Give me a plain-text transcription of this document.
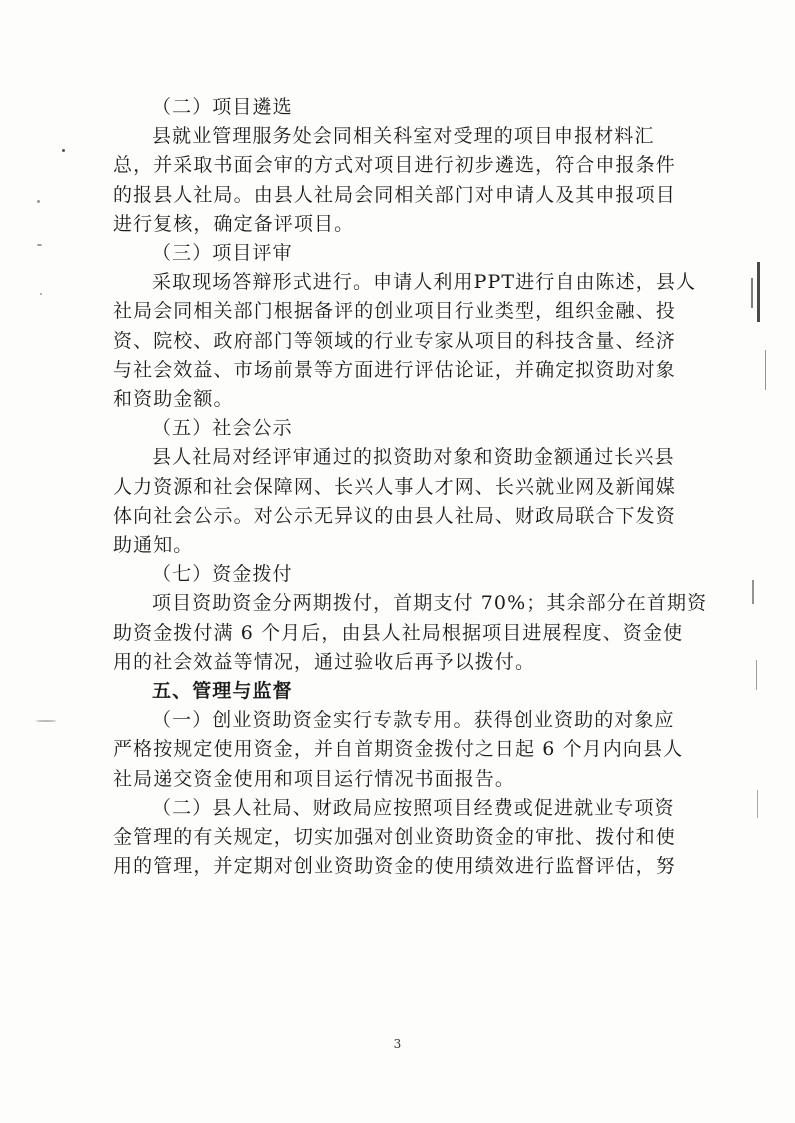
（二）项目遴选
县就业管理服务处会同相关科室对受理的项目申报材料汇
总，并采取书面会审的方式对项目进行初步遴选，符合申报条件
的报县人社局。由县人社局会同相关部门对申请人及其申报项目
进行复核，确定备评项目。
（三）项目评审
采取现场答辩形式进行。申请人利用PPT进行自由陈述，县人
社局会同相关部门根据备评的创业项目行业类型，组织金融、投
资、院校、政府部门等领域的行业专家从项目的科技含量、经济
与社会效益、市场前景等方面进行评估论证，并确定拟资助对象
和资助金额。
（五）社会公示
县人社局对经评审通过的拟资助对象和资助金额通过长兴县
人力资源和社会保障网、长兴人事人才网、长兴就业网及新闻媒
体向社会公示。对公示无异议的由县人社局、财政局联合下发资
助通知。
（七）资金拨付
项目资助资金分两期拨付，首期支付 70%；其余部分在首期资
助资金拨付满 6 个月后，由县人社局根据项目进展程度、资金使
用的社会效益等情况，通过验收后再予以拨付。
五、管理与监督
（一）创业资助资金实行专款专用。获得创业资助的对象应
严格按规定使用资金，并自首期资金拨付之日起 6 个月内向县人
社局递交资金使用和项目运行情况书面报告。
（二）县人社局、财政局应按照项目经费或促进就业专项资
金管理的有关规定，切实加强对创业资助资金的审批、拨付和使
用的管理，并定期对创业资助资金的使用绩效进行监督评估，努
3
